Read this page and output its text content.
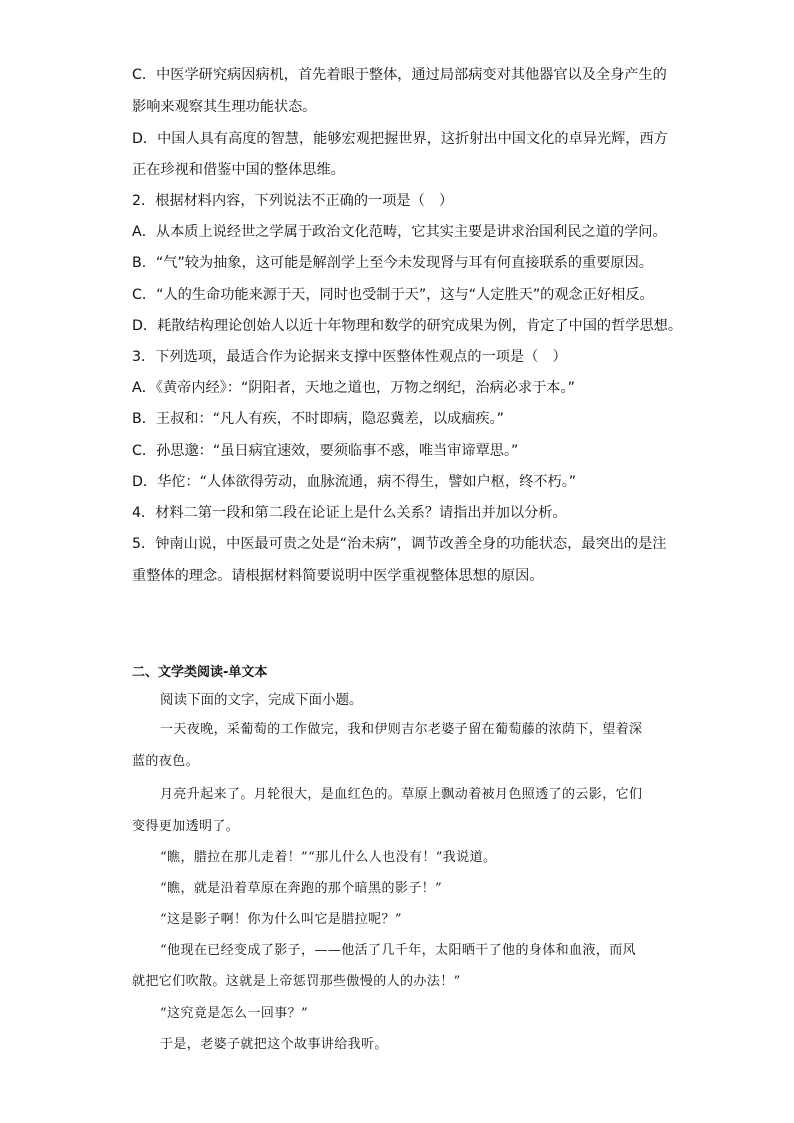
C．中医学研究病因病机，首先着眼于整体，通过局部病变对其他器官以及全身产生的
影响来观察其生理功能状态。
D．中国人具有高度的智慧，能够宏观把握世界，这折射出中国文化的卓异光辉，西方
正在珍视和借鉴中国的整体思维。
2．根据材料内容，下列说法不正确的一项是（　）
A．从本质上说经世之学属于政治文化范畴，它其实主要是讲求治国利民之道的学问。
B．“气”较为抽象，这可能是解剖学上至今未发现肾与耳有何直接联系的重要原因。
C．“人的生命功能来源于天，同时也受制于天”，这与“人定胜天”的观念正好相反。
D．耗散结构理论创始人以近十年物理和数学的研究成果为例，肯定了中国的哲学思想。
3．下列选项，最适合作为论据来支撑中医整体性观点的一项是（　）
A．《黄帝内经》：“阴阳者，天地之道也，万物之纲纪，治病必求于本。”
B．王叔和：“凡人有疾，不时即病，隐忍冀差，以成痼疾。”
C．孙思邈：“虽日病宜速效，要须临事不惑，唯当审谛覃思。”
D．华佗：“人体欲得劳动，血脉流通，病不得生，譬如户枢，终不朽。”
4．材料二第一段和第二段在论证上是什么关系？请指出并加以分析。
5．钟南山说，中医最可贵之处是“治未病”，调节改善全身的功能状态，最突出的是注
重整体的理念。请根据材料简要说明中医学重视整体思想的原因。
二、文学类阅读-单文本
阅读下面的文字，完成下面小题。
一天夜晚，采葡萄的工作做完，我和伊则吉尔老婆子留在葡萄藤的浓荫下，望着深
蓝的夜色。
月亮升起来了。月轮很大，是血红色的。草原上飘动着被月色照透了的云影，它们
变得更加透明了。
“瞧，腊拉在那儿走着！”“那儿什么人也没有！”我说道。
“瞧，就是沿着草原在奔跑的那个暗黑的影子！”
“这是影子啊！你为什么叫它是腊拉呢？”
“他现在已经变成了影子，——他活了几千年，太阳晒干了他的身体和血液，而风
就把它们吹散。这就是上帝惩罚那些傲慢的人的办法！”
“这究竟是怎么一回事？”
于是，老婆子就把这个故事讲给我听。
